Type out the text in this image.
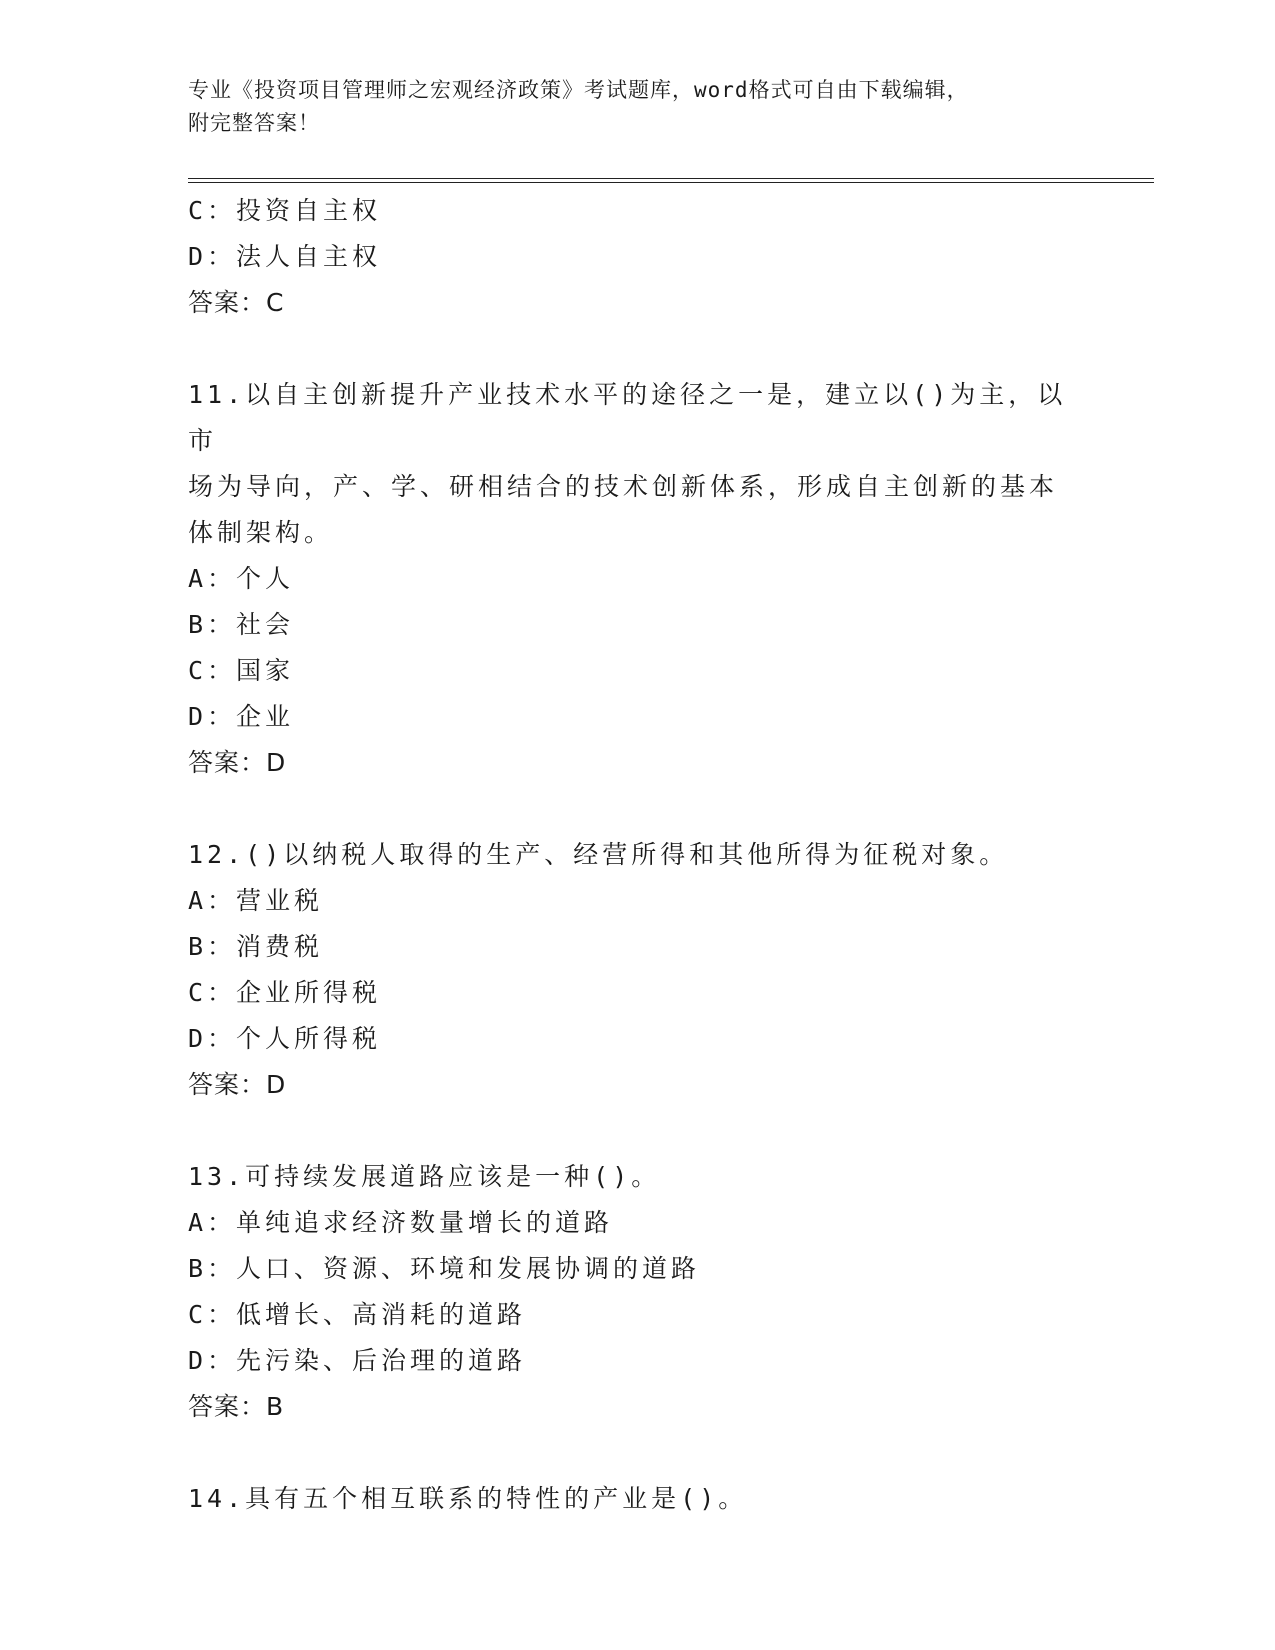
专业《投资项目管理师之宏观经济政策》考试题库，word格式可自由下载编辑，
附完整答案！
C：投资自主权
D：法人自主权
答案：C
11.以自主创新提升产业技术水平的途径之一是，建立以()为主，以市
场为导向，产、学、研相结合的技术创新体系，形成自主创新的基本
体制架构。
A：个人
B：社会
C：国家
D：企业
答案：D
12.()以纳税人取得的生产、经营所得和其他所得为征税对象。
A：营业税
B：消费税
C：企业所得税
D：个人所得税
答案：D
13.可持续发展道路应该是一种()。
A：单纯追求经济数量增长的道路
B：人口、资源、环境和发展协调的道路
C：低增长、高消耗的道路
D：先污染、后治理的道路
答案：B
14.具有五个相互联系的特性的产业是()。
